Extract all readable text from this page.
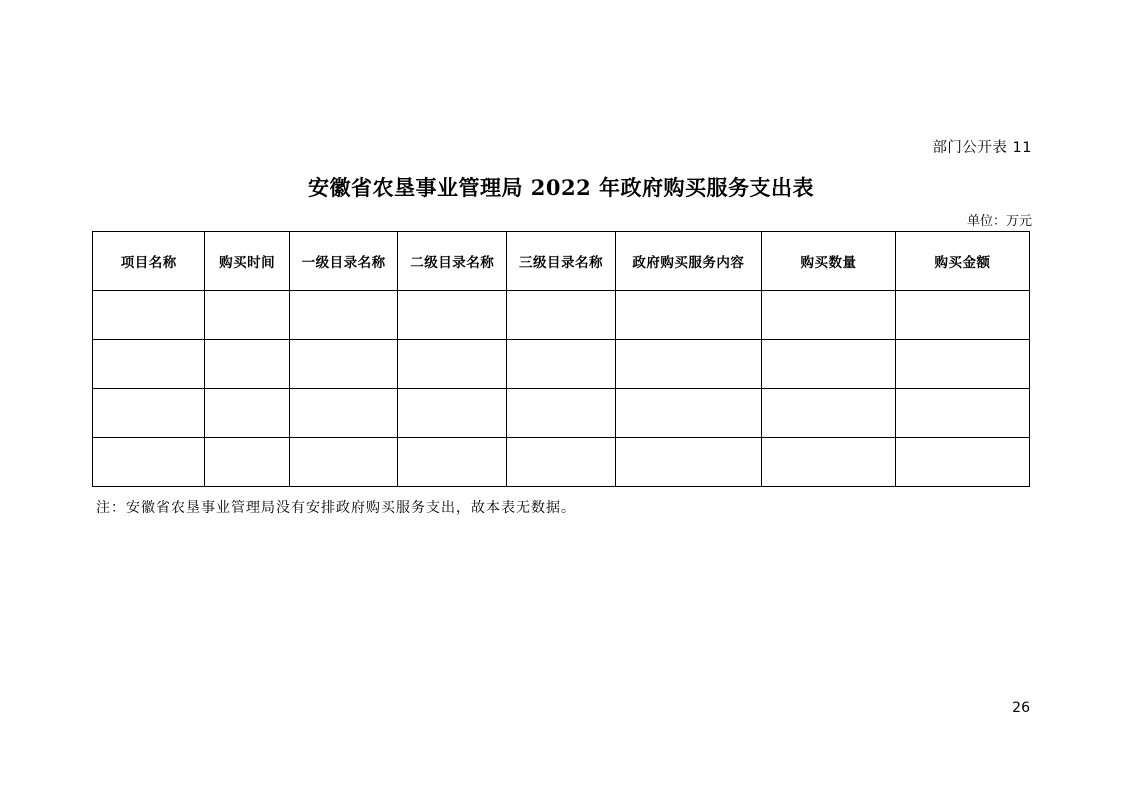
部门公开表 11
安徽省农垦事业管理局 2022 年政府购买服务支出表
单位：万元
项目名称	购买时间	一级目录名称	二级目录名称	三级目录名称	政府购买服务内容	购买数量	购买金额

注：安徽省农垦事业管理局没有安排政府购买服务支出，故本表无数据。
26
